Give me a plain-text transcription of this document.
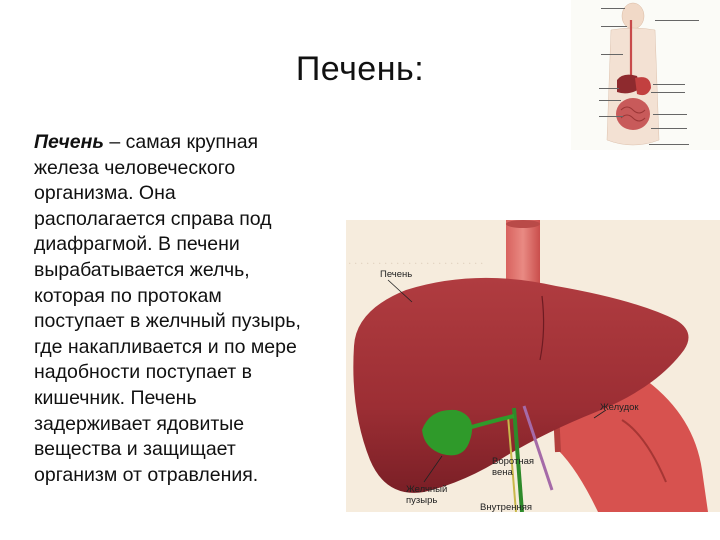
Печень:
Печень – самая крупная
железа человеческого
организма. Она
располагается справа под
диафрагмой. В печени
вырабатывается желчь,
которая по протокам
поступает в желчный пузырь,
где накапливается и по мере
надобности поступает в
кишечник. Печень
задерживает ядовитые
вещества и защищает
организм от отравления.
· · · · · · · · · · · · · · · · · · · · · · ·
Печень
Желудок
Воротная
вена
Желчный
пузырь
Внутренняя
